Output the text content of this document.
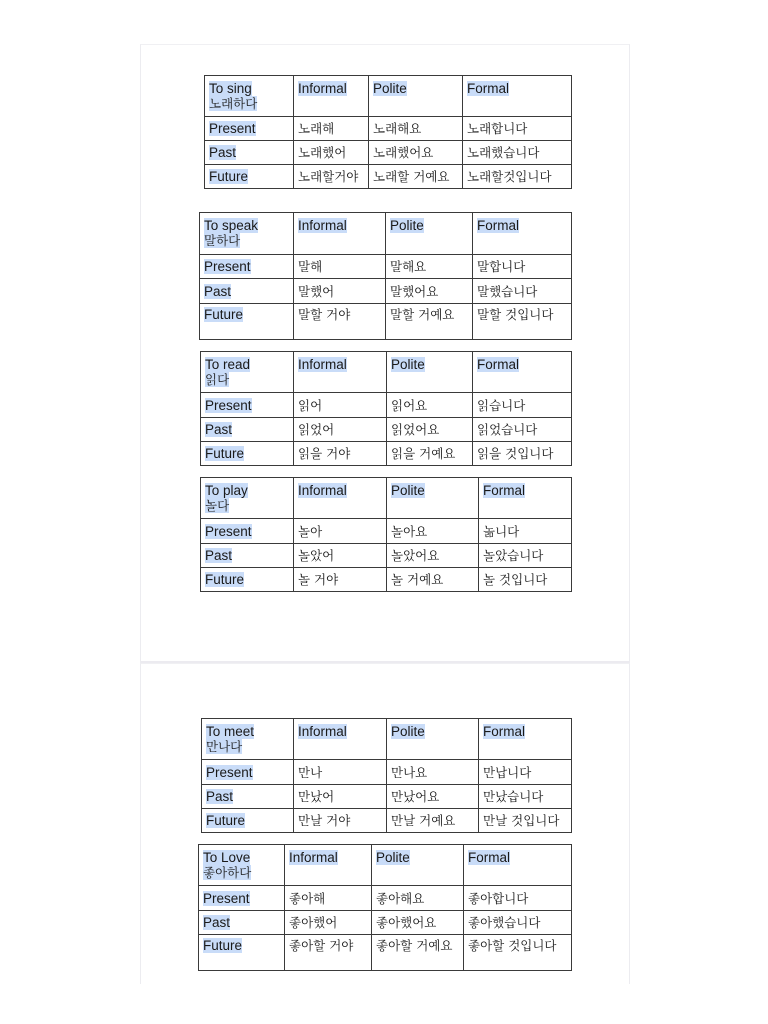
To sing
노래하다	Informal	Polite	Formal
Present	노래해	노래해요	노래합니다
Past	노래했어	노래했어요	노래했습니다
Future	노래할거야	노래할 거예요	노래할것입니다
To speak
말하다	Informal	Polite	Formal
Present	말해	말해요	말합니다
Past	말했어	말했어요	말했습니다
Future	말할 거야	말할 거예요	말할 것입니다
To read
읽다	Informal	Polite	Formal
Present	읽어	읽어요	읽습니다
Past	읽었어	읽었어요	읽었습니다
Future	읽을 거야	읽을 거예요	읽을 것입니다
To play
놀다	Informal	Polite	Formal
Present	놀아	놀아요	놂니다
Past	놀았어	놀았어요	놀았습니다
Future	놀 거야	놀 거예요	놀 것입니다
To meet
만나다	Informal	Polite	Formal
Present	만나	만나요	만납니다
Past	만났어	만났어요	만났습니다
Future	만날 거야	만날 거예요	만날 것입니다
To Love
좋아하다	Informal	Polite	Formal
Present	좋아해	좋아해요	좋아합니다
Past	좋아했어	좋아했어요	좋아했습니다
Future	좋아할 거야	좋아할 거예요	좋아할 것입니다
